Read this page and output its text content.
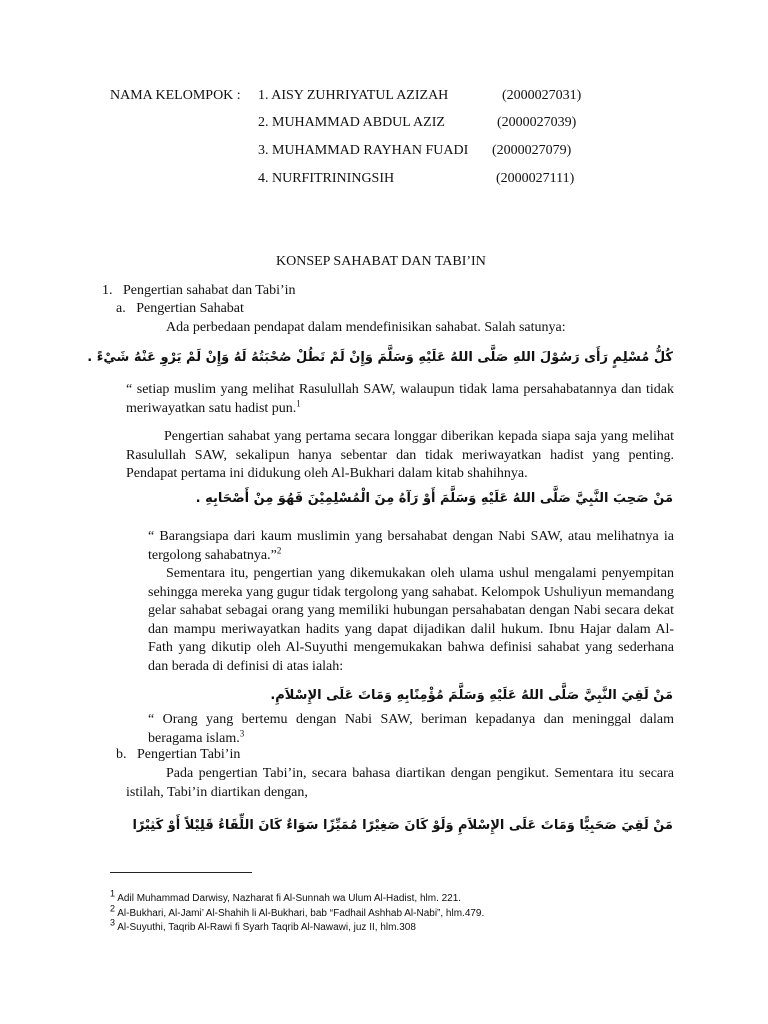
NAMA KELOMPOK : 1. AISY ZUHRIYATUL AZIZAH	(2000027031)
2. MUHAMMAD ABDUL AZIZ	(2000027039)
3. MUHAMMAD RAYHAN FUADI (2000027079)
4. NURFITRININGSIH	(2000027111)
KONSEP SAHABAT DAN TABI’IN
1.   Pengertian sahabat dan Tabi’in
a.   Pengertian Sahabat
Ada perbedaan pendapat dalam mendefinisikan sahabat. Salah satunya:
كُلُّ مُسْلِمٍ رَأَى رَسُوْلَ اللهِ صَلَّى اللهُ عَلَيْهِ وَسَلَّمَ وَإِنْ لَمْ تَطُلْ صُحْبَتُهُ لَهُ وَإِنْ لَمْ يَرْوِ عَنْهُ شَيْءً .
“ setiap muslim yang melihat Rasulullah SAW, walaupun tidak lama persahabatannya dan tidak meriwayatkan satu hadist pun.$^1$
Pengertian sahabat yang pertama secara longgar diberikan kepada siapa saja yang melihat Rasulullah SAW, sekalipun hanya sebentar dan tidak meriwayatkan hadist yang penting. Pendapat pertama ini didukung oleh Al-Bukhari dalam kitab shahihnya.
مَنْ صَحِبَ النَّبِيَّ صَلَّى اللهُ عَلَيْهِ وَسَلَّمَ أَوْ رَآهُ مِنَ الْمُسْلِمِيْنَ فَهُوَ مِنْ أَصْحَابِهِ .
“ Barangsiapa dari kaum muslimin yang bersahabat dengan Nabi SAW, atau melihatnya ia tergolong sahabatnya.”$^2$
Sementara itu, pengertian yang dikemukakan oleh ulama ushul mengalami penyempitan sehingga mereka yang gugur tidak tergolong yang sahabat. Kelompok Ushuliyun memandang gelar sahabat sebagai orang yang memiliki hubungan persahabatan dengan Nabi secara dekat dan mampu meriwayatkan hadits yang dapat dijadikan dalil hukum. Ibnu Hajar dalam Al-Fath yang dikutip oleh Al-Suyuthi mengemukakan bahwa definisi sahabat yang sederhana dan berada di definisi di atas ialah:
مَنْ لَقِيَ النَّبِيَّ صَلَّى اللهُ عَلَيْهِ وَسَلَّمَ مُؤْمِنًابِهِ وَمَاتَ عَلَى الإِسْلاَمِ.
“ Orang yang bertemu dengan Nabi SAW, beriman kepadanya dan meninggal dalam beragama islam.$^3$
b.   Pengertian Tabi’in
Pada pengertian Tabi’in, secara bahasa diartikan dengan pengikut. Sementara itu secara istilah, Tabi’in diartikan dengan,
مَنْ لَقِيَ صَحَبِيًّا وَمَاتَ عَلَى الإِسْلاَمِ وَلَوْ كَانَ صَغِيْرًا مُمَيِّزًا سَوَاءٌ كَانَ اللِّقَاءُ قَلِيْلاً أَوْ كَثِيْرًا
$^1$ Adil Muhammad Darwisy, Nazharat fi Al-Sunnah wa Ulum Al-Hadist, hlm. 221.
$^2$ Al-Bukhari, Al-Jami’ Al-Shahih li Al-Bukhari, bab “Fadhail Ashhab Al-Nabi”, hlm.479.
$^3$ Al-Suyuthi, Taqrib Al-Rawi fi Syarh Taqrib Al-Nawawi, juz II, hlm.308
